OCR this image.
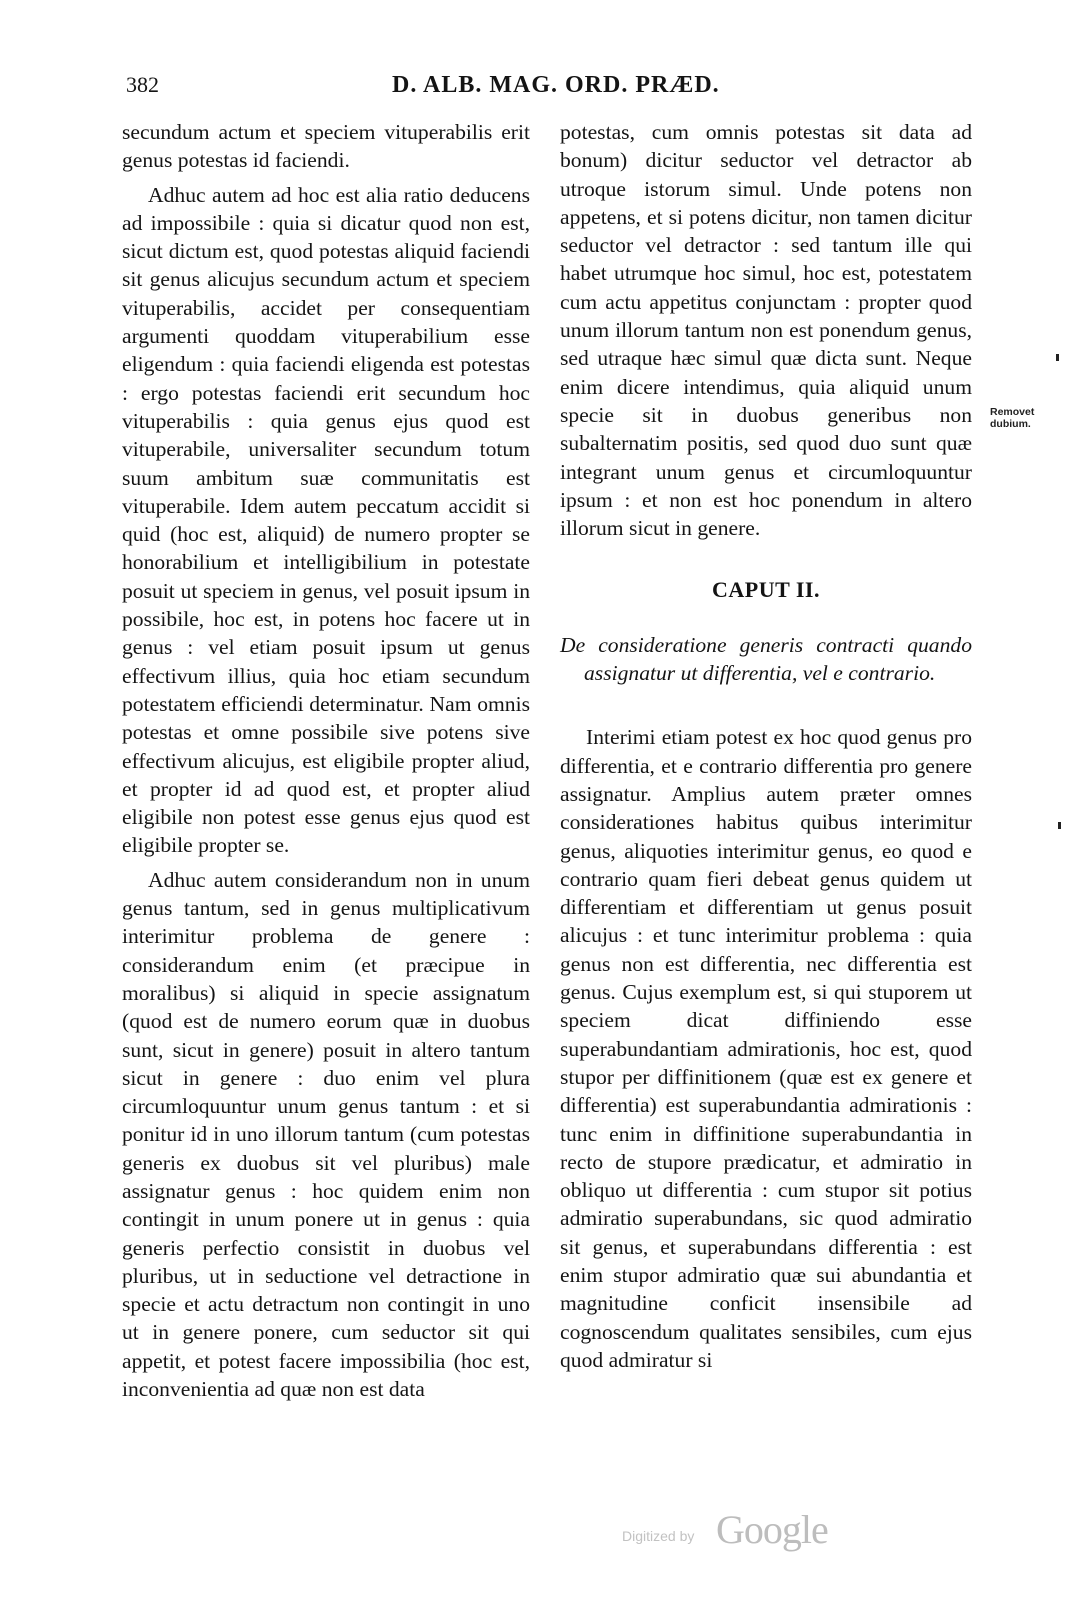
382	D. ALB. MAG. ORD. PRÆD.

secundum actum et speciem vituperabilis erit genus potestas id faciendi.

Adhuc autem ad hoc est alia ratio deducens ad impossibile : quia si dicatur quod non est, sicut dictum est, quod potestas aliquid faciendi sit genus alicujus secundum actum et speciem vituperabilis, accidet per consequentiam argumenti quoddam vituperabilium esse eligendum : quia faciendi eligenda est potestas : ergo potestas faciendi erit secundum hoc vituperabilis : quia genus ejus quod est vituperabile, universaliter secundum totum suum ambitum suæ communitatis est vituperabile. Idem autem peccatum accidit si quid (hoc est, aliquid) de numero propter se honorabilium et intelligibilium in potestate posuit ut speciem in genus, vel posuit ipsum in possibile, hoc est, in potens hoc facere ut in genus : vel etiam posuit ipsum ut genus effectivum illius, quia hoc etiam secundum potestatem efficiendi determinatur. Nam omnis potestas et omne possibile sive potens sive effectivum alicujus, est eligibile propter aliud, et propter id ad quod est, et propter aliud eligibile non potest esse genus ejus quod est eligibile propter se.

Adhuc autem considerandum non in unum genus tantum, sed in genus multiplicativum interimitur problema de genere : considerandum enim (et præcipue in moralibus) si aliquid in specie assignatum (quod est de numero eorum quæ in duobus sunt, sicut in genere) posuit in altero tantum sicut in genere : duo enim vel plura circumloquuntur unum genus tantum : et si ponitur id in uno illorum tantum (cum potestas generis ex duobus sit vel pluribus) male assignatur genus : hoc quidem enim non contingit in unum ponere ut in genus : quia generis perfectio consistit in duobus vel pluribus, ut in seductione vel detractione in specie et actu detractum non contingit in uno ut in genere ponere, cum seductor sit qui appetit, et potest facere impossibilia (hoc est, inconvenientia ad quæ non est data

potestas, cum omnis potestas sit data ad bonum) dicitur seductor vel detractor ab utroque istorum simul. Unde potens non appetens, et si potens dicitur, non tamen dicitur seductor vel detractor : sed tantum ille qui habet utrumque hoc simul, hoc est, potestatem cum actu appetitus conjunctam : propter quod unum illorum tantum non est ponendum genus, sed utraque hæc simul quæ dicta sunt. Neque enim dicere intendimus, quia aliquid unum specie sit in duobus generibus non subalternatim positis, sed quod duo sunt quæ integrant unum genus et circumloquuntur ipsum : et non est hoc ponendum in altero illorum sicut in genere.

CAPUT II.

De consideratione generis contracti quando assignatur ut differentia, vel e contrario.

Interimi etiam potest ex hoc quod genus pro differentia, et e contrario differentia pro genere assignatur. Amplius autem præter omnes considerationes habitus quibus interimitur genus, aliquoties interimitur genus, eo quod e contrario quam fieri debeat genus quidem ut differentiam et differentiam ut genus posuit alicujus : et tunc interimitur problema : quia genus non est differentia, nec differentia est genus. Cujus exemplum est, si qui stuporem ut speciem dicat diffiniendo esse superabundantiam admirationis, hoc est, quod stupor per diffinitionem (quæ est ex genere et differentia) est superabundantia admirationis : tunc enim in diffinitione superabundantia in recto de stupore prædicatur, et admiratio in obliquo ut differentia : cum stupor sit potius admiratio superabundans, sic quod admiratio sit genus, et superabundans differentia : est enim stupor admiratio quæ sui abundantia et magnitudine conficit insensibile ad cognoscendum qualitates sensibiles, cum ejus quod admiratur si

Removet
dubium.
Digitized by Google
